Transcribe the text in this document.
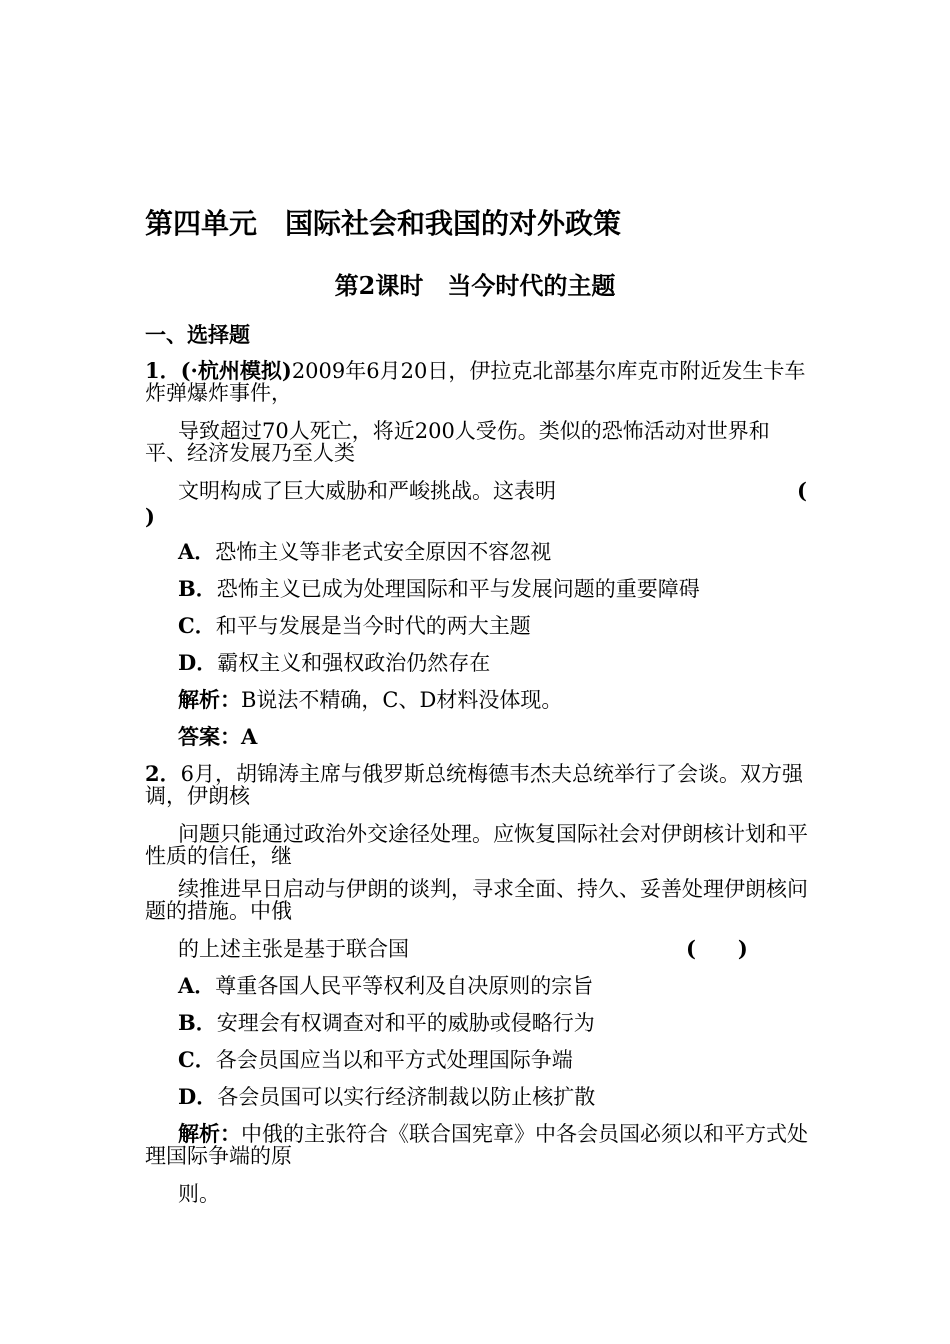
第四单元　国际社会和我国的对外政策
第2课时　当今时代的主题
一、选择题
1．(·杭州模拟)2009年6月20日，伊拉克北部基尔库克市附近发生卡车炸弹爆炸事件，
导致超过70人死亡，将近200人受伤。类似的恐怖活动对世界和平、经济发展乃至人类
文明构成了巨大威胁和严峻挑战。这表明	(
)
A．恐怖主义等非老式安全原因不容忽视
B．恐怖主义已成为处理国际和平与发展问题的重要障碍
C．和平与发展是当今时代的两大主题
D．霸权主义和强权政治仍然存在
解析：B说法不精确，C、D材料没体现。
答案：A
2．6月，胡锦涛主席与俄罗斯总统梅德韦杰夫总统举行了会谈。双方强调，伊朗核
问题只能通过政治外交途径处理。应恢复国际社会对伊朗核计划和平性质的信任，继
续推进早日启动与伊朗的谈判，寻求全面、持久、妥善处理伊朗核问题的措施。中俄
的上述主张是基于联合国	(　　)
A．尊重各国人民平等权利及自决原则的宗旨
B．安理会有权调查对和平的威胁或侵略行为
C．各会员国应当以和平方式处理国际争端
D．各会员国可以实行经济制裁以防止核扩散
解析：中俄的主张符合《联合国宪章》中各会员国必须以和平方式处理国际争端的原
则。
